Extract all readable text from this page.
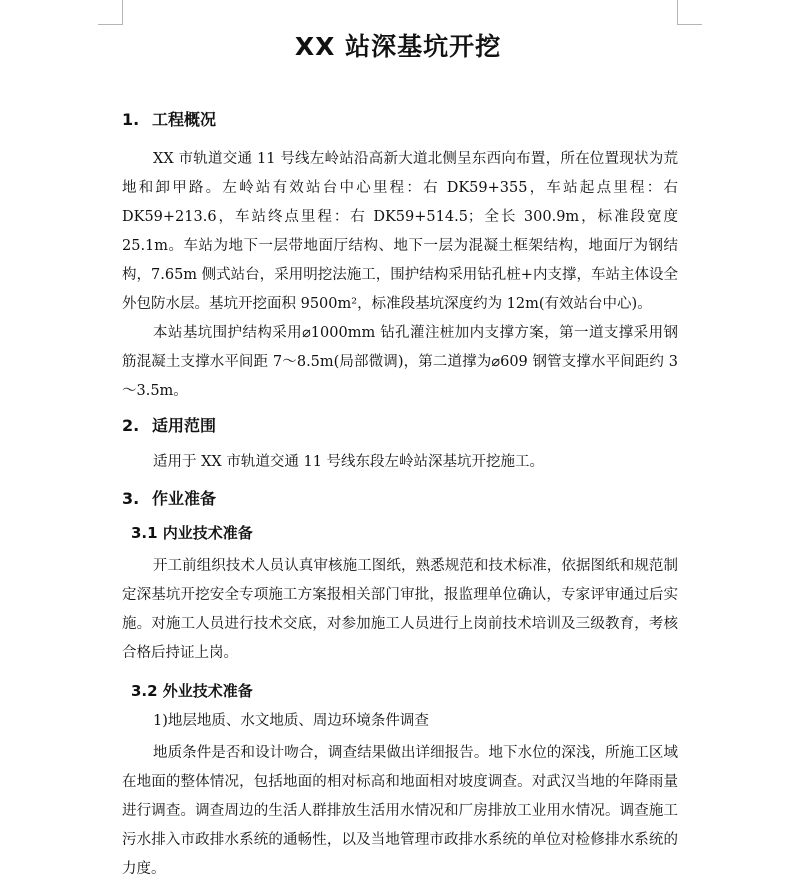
XX 站深基坑开挖
1. 工程概况

XX 市轨道交通 11 号线左岭站沿高新大道北侧呈东西向布置，所在位置现状为荒地和卸甲路。左岭站有效站台中心里程：右 DK59+355，车站起点里程：右 DK59+213.6，车站终点里程：右 DK59+514.5；全长 300.9m，标准段宽度 25.1m。车站为地下一层带地面厅结构、地下一层为混凝土框架结构，地面厅为钢结构，7.65m 侧式站台，采用明挖法施工，围护结构采用钻孔桩+内支撑，车站主体设全外包防水层。基坑开挖面积 9500m²，标准段基坑深度约为 12m(有效站台中心)。

本站基坑围护结构采用⌀1000mm 钻孔灌注桩加内支撑方案，第一道支撑采用钢筋混凝土支撑水平间距 7～8.5m(局部微调)，第二道撑为⌀609 钢管支撑水平间距约 3～3.5m。

2. 适用范围

适用于 XX 市轨道交通 11 号线东段左岭站深基坑开挖施工。

3. 作业准备
3.1 内业技术准备

开工前组织技术人员认真审核施工图纸，熟悉规范和技术标准，依据图纸和规范制定深基坑开挖安全专项施工方案报相关部门审批，报监理单位确认，专家评审通过后实施。对施工人员进行技术交底，对参加施工人员进行上岗前技术培训及三级教育，考核合格后持证上岗。

3.2 外业技术准备

1)地层地质、水文地质、周边环境条件调查

地质条件是否和设计吻合，调查结果做出详细报告。地下水位的深浅，所施工区域在地面的整体情况，包括地面的相对标高和地面相对坡度调查。对武汉当地的年降雨量进行调查。调查周边的生活人群排放生活用水情况和厂房排放工业用水情况。调查施工污水排入市政排水系统的通畅性，以及当地管理市政排水系统的单位对检修排水系统的力度。
